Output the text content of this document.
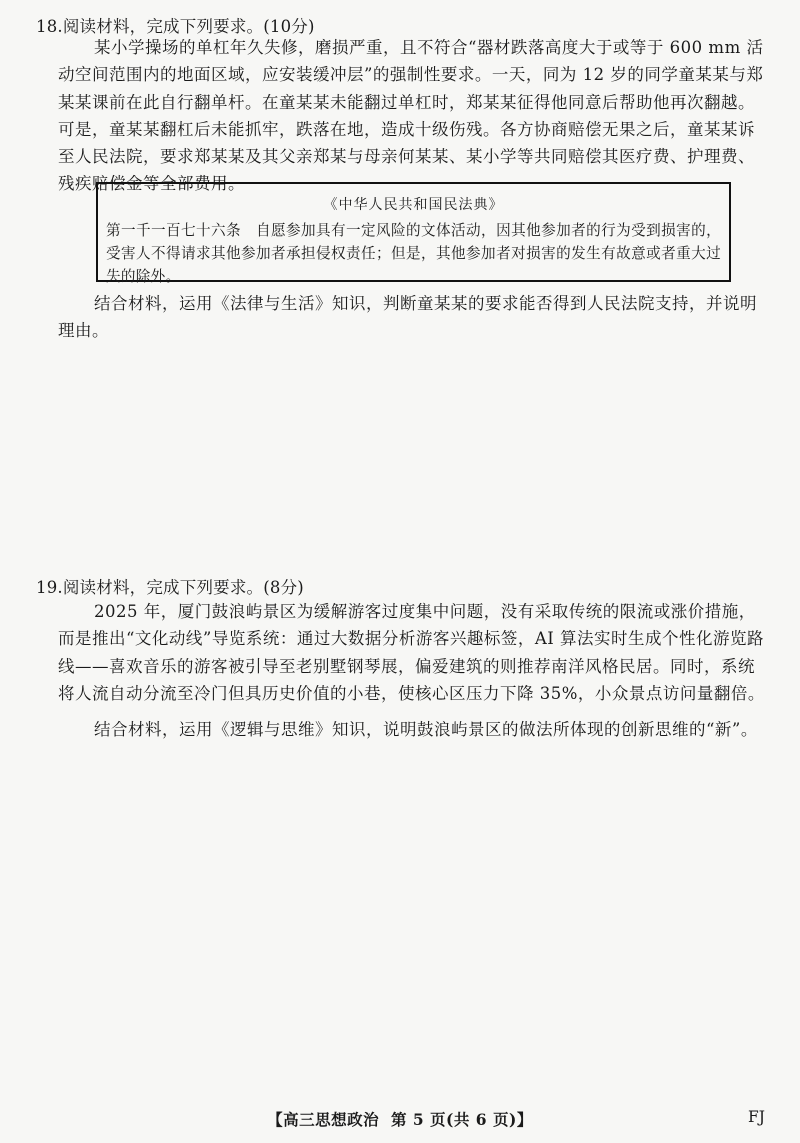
18.阅读材料，完成下列要求。(10分)

某小学操场的单杠年久失修，磨损严重，且不符合“器材跌落高度大于或等于 600 mm 活动空间范围内的地面区域，应安装缓冲层”的强制性要求。一天，同为 12 岁的同学童某某与郑某某课前在此自行翻单杆。在童某某未能翻过单杠时，郑某某征得他同意后帮助他再次翻越。可是，童某某翻杠后未能抓牢，跌落在地，造成十级伤残。各方协商赔偿无果之后，童某某诉至人民法院，要求郑某某及其父亲郑某与母亲何某某、某小学等共同赔偿其医疗费、护理费、残疾赔偿金等全部费用。

《中华人民共和国民法典》
第一千一百七十六条　自愿参加具有一定风险的文体活动，因其他参加者的行为受到损害的，受害人不得请求其他参加者承担侵权责任；但是，其他参加者对损害的发生有故意或者重大过失的除外。

结合材料，运用《法律与生活》知识，判断童某某的要求能否得到人民法院支持，并说明理由。

19.阅读材料，完成下列要求。(8分)

2025 年，厦门鼓浪屿景区为缓解游客过度集中问题，没有采取传统的限流或涨价措施，而是推出“文化动线”导览系统：通过大数据分析游客兴趣标签，AI 算法实时生成个性化游览路线——喜欢音乐的游客被引导至老别墅钢琴展，偏爱建筑的则推荐南洋风格民居。同时，系统将人流自动分流至冷门但具历史价值的小巷，使核心区压力下降 35%，小众景点访问量翻倍。

结合材料，运用《逻辑与思维》知识，说明鼓浪屿景区的做法所体现的创新思维的“新”。

【高三思想政治 第 5 页(共 6 页)】	FJ
